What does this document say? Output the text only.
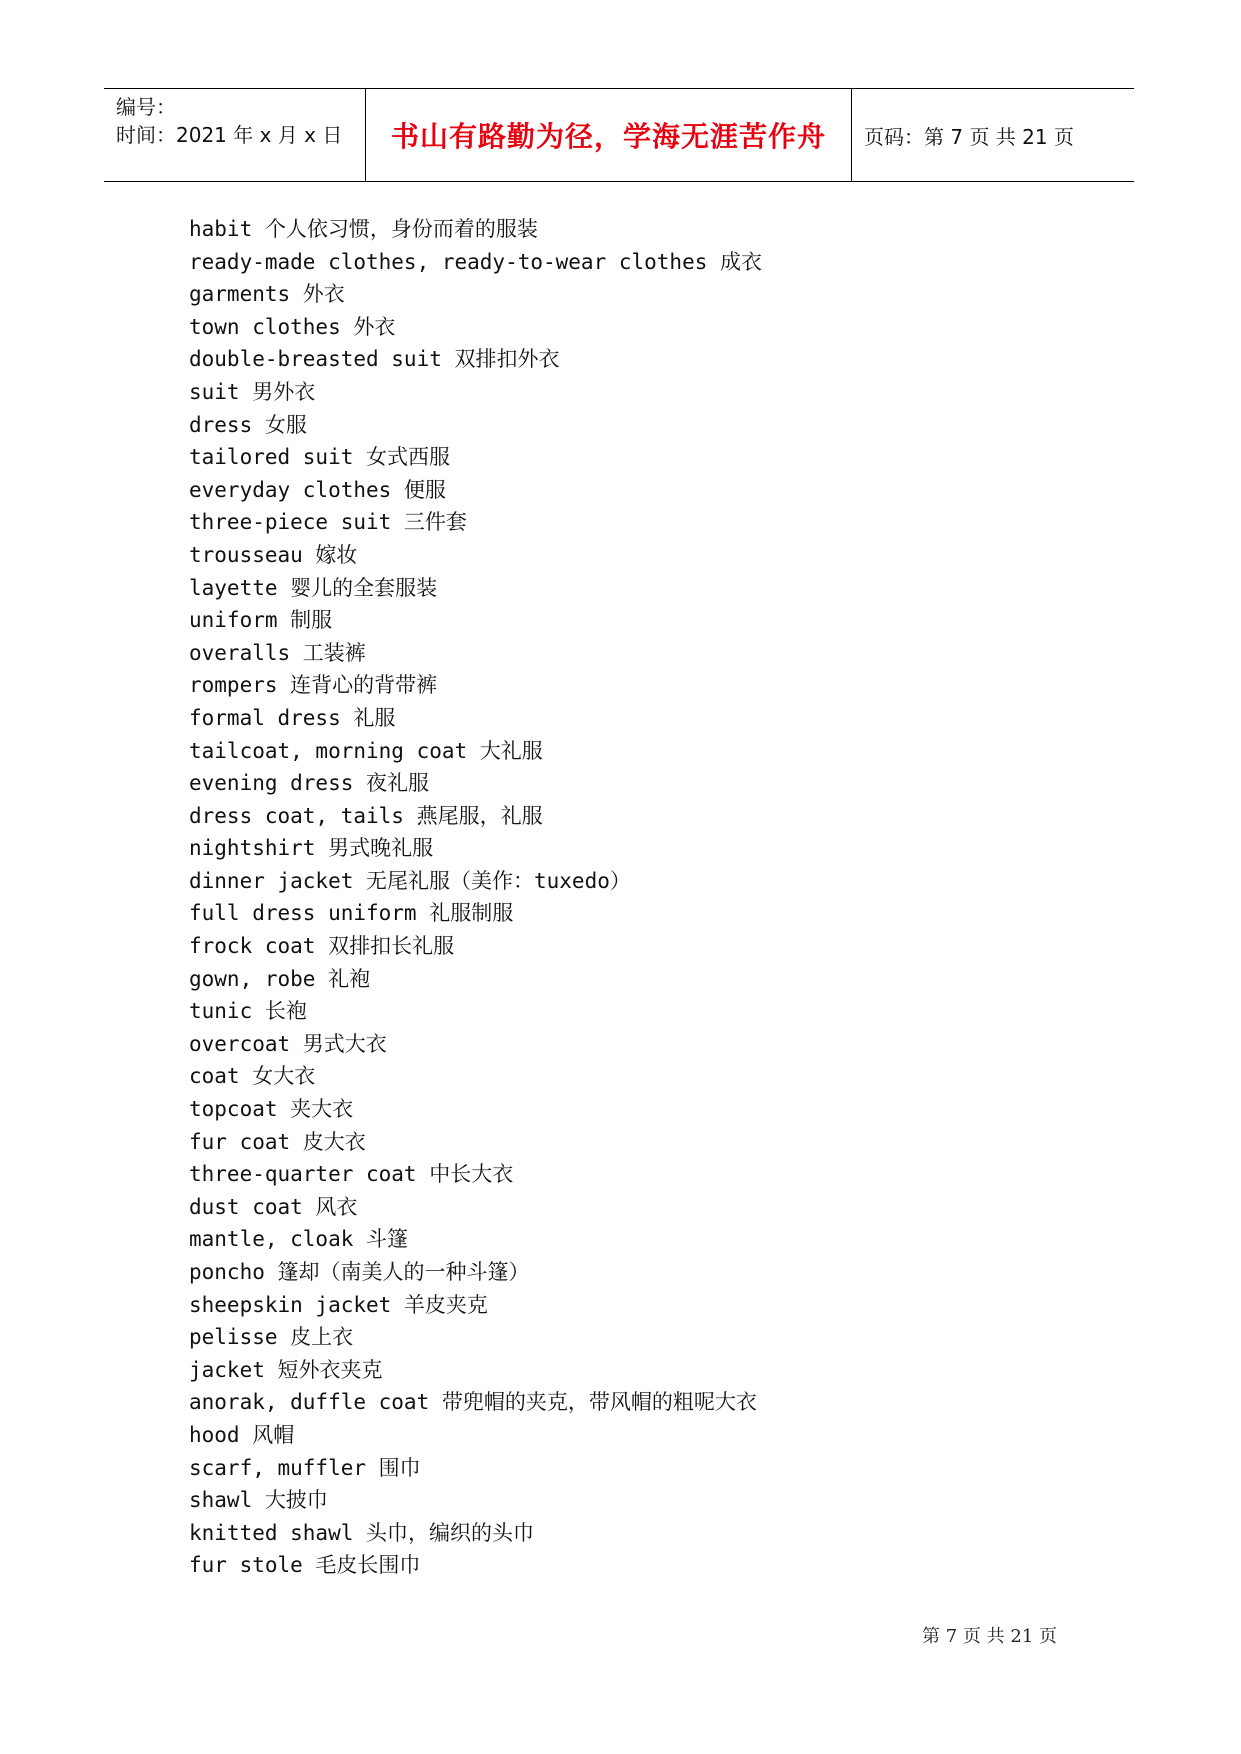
编号：
时间：2021 年 x 月 x 日	书山有路勤为径，学海无涯苦作舟	页码：第 7 页 共 21 页
habit 个人依习惯，身份而着的服装
ready-made clothes, ready-to-wear clothes 成衣
garments 外衣
town clothes 外衣
double-breasted suit 双排扣外衣
suit 男外衣
dress 女服
tailored suit 女式西服
everyday clothes 便服
three-piece suit 三件套
trousseau 嫁妆
layette 婴儿的全套服装
uniform 制服
overalls 工装裤
rompers 连背心的背带裤
formal dress 礼服
tailcoat, morning coat 大礼服
evening dress 夜礼服
dress coat, tails 燕尾服，礼服
nightshirt 男式晚礼服
dinner jacket 无尾礼服（美作：tuxedo）
full dress uniform 礼服制服
frock coat 双排扣长礼服
gown, robe 礼袍
tunic 长袍
overcoat 男式大衣
coat 女大衣
topcoat 夹大衣
fur coat 皮大衣
three-quarter coat 中长大衣
dust coat 风衣
mantle, cloak 斗篷
poncho 篷却（南美人的一种斗篷）
sheepskin jacket 羊皮夹克
pelisse 皮上衣
jacket 短外衣夹克
anorak, duffle coat 带兜帽的夹克，带风帽的粗呢大衣
hood 风帽
scarf, muffler 围巾
shawl 大披巾
knitted shawl 头巾，编织的头巾
fur stole 毛皮长围巾
第 7 页 共 21 页
